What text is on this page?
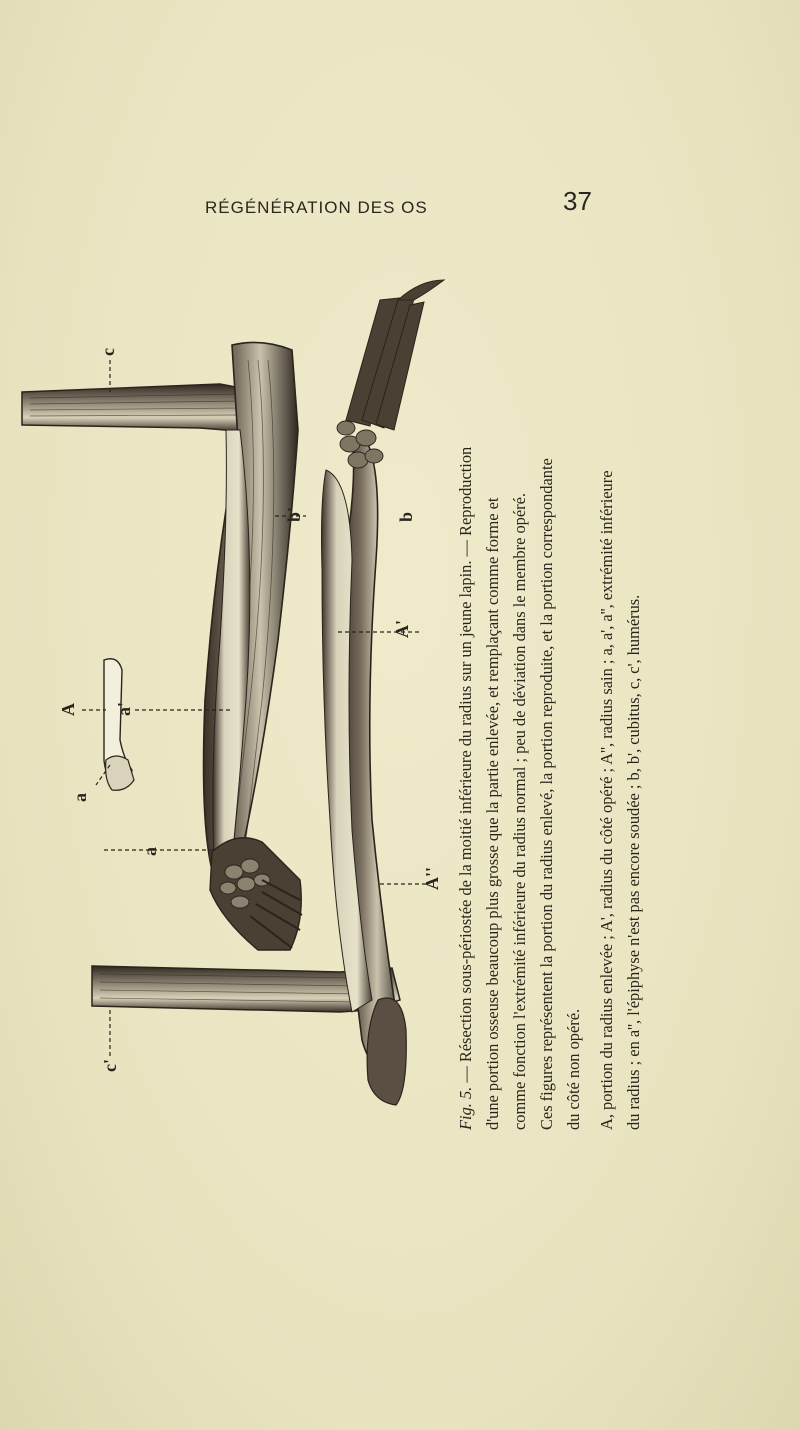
RÉGÉNÉRATION DES OS	37
c
b'	b
A'
A a'
a
a
A''
c'

Fig. 5. — Résection sous-périostée de la moitié inférieure du radius sur un jeune lapin. — Reproduction d'une portion osseuse beaucoup plus grosse que la partie enlevée, et remplaçant comme forme et comme fonction l'extrémité inférieure du radius normal ; peu de déviation dans le membre opéré. Ces figures représentent la portion du radius enlevé, la portion reproduite, et la portion correspondante du côté non opéré. A, portion du radius enlevée ; A', radius du côté opéré ; A'', radius sain ; a, a', a'', extrémité inférieure du radius ; en a'', l'épiphyse n'est pas encore soudée ; b, b', cubitus, c, c', humérus.
